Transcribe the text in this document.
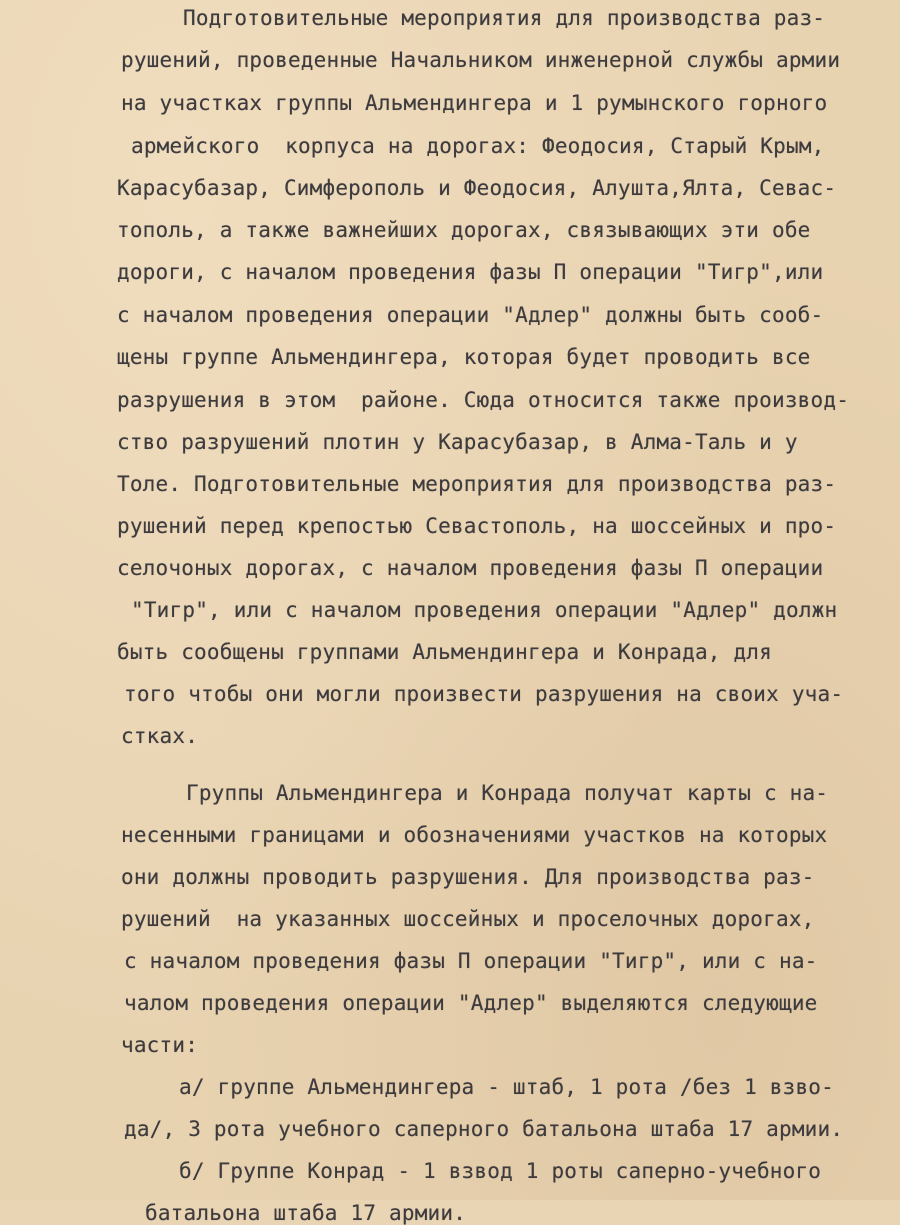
Подготовительные мероприятия для производства раз-
рушений, проведенные Начальником инженерной службы армии
на участках группы Альмендингера и 1 румынского горного
армейского  корпуса на дорогах: Феодосия, Старый Крым,
Карасубазар, Симферополь и Феодосия, Алушта,Ялта, Севас-
тополь, а также важнейших дорогах, связывающих эти обе
дороги, с началом проведения фазы П операции "Тигр",или
с началом проведения операции "Адлер" должны быть сооб-
щены группе Альмендингера, которая будет проводить все
разрушения в этом  районе. Сюда относится также производ-
ство разрушений плотин у Карасубазар, в Алма-Таль и у
Толе. Подготовительные мероприятия для производства раз-
рушений перед крепостью Севастополь, на шоссейных и про-
селочоных дорогах, с началом проведения фазы П операции
"Тигр", или с началом проведения операции "Адлер" должн
быть сообщены группами Альмендингера и Конрада, для
того чтобы они могли произвести разрушения на своих уча-
стках.
Группы Альмендингера и Конрада получат карты с на-
несенными границами и обозначениями участков на которых
они должны проводить разрушения. Для производства раз-
рушений  на указанных шоссейных и проселочных дорогах,
с началом проведения фазы П операции "Тигр", или с на-
чалом проведения операции "Адлер" выделяются следующие
части:
а/ группе Альмендингера - штаб, 1 рота /без 1 взво-
да/, 3 рота учебного саперного батальона штаба 17 армии.
б/ Группе Конрад - 1 взвод 1 роты саперно-учебного
батальона штаба 17 армии.
